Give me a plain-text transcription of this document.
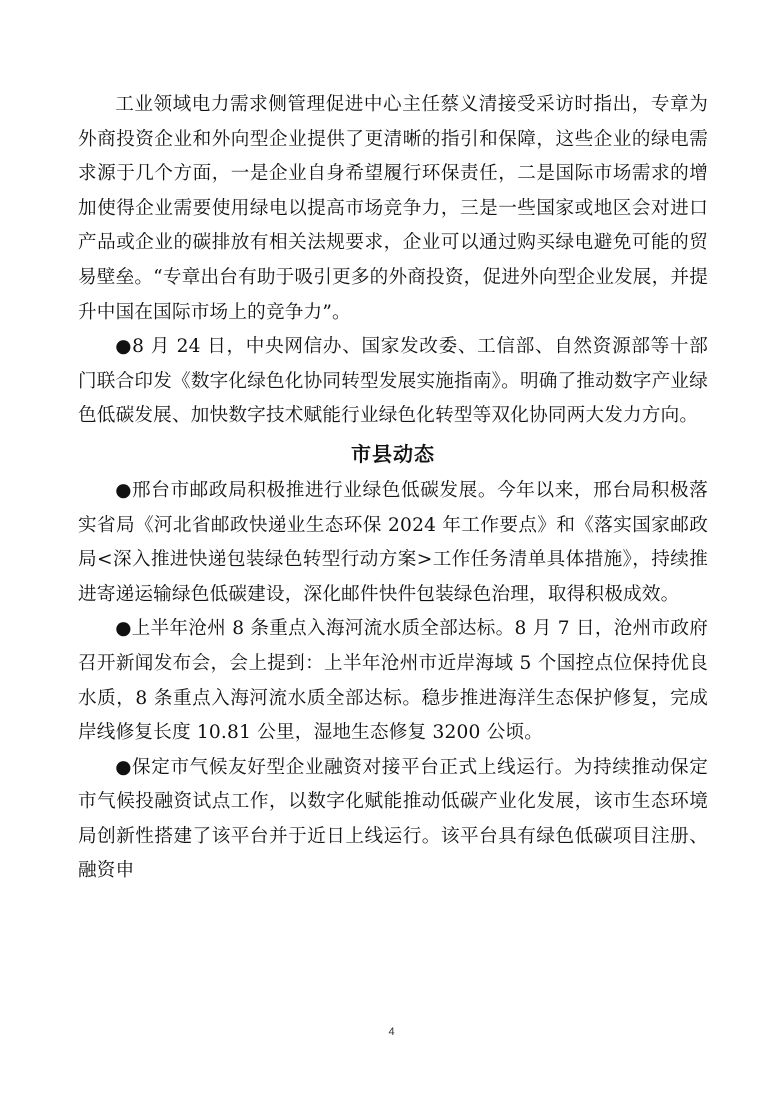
工业领域电力需求侧管理促进中心主任蔡义清接受采访时指出，专章为外商投资企业和外向型企业提供了更清晰的指引和保障，这些企业的绿电需求源于几个方面，一是企业自身希望履行环保责任，二是国际市场需求的增加使得企业需要使用绿电以提高市场竞争力，三是一些国家或地区会对进口产品或企业的碳排放有相关法规要求，企业可以通过购买绿电避免可能的贸易壁垒。“专章出台有助于吸引更多的外商投资，促进外向型企业发展，并提升中国在国际市场上的竞争力”。

●8 月 24 日，中央网信办、国家发改委、工信部、自然资源部等十部门联合印发《数字化绿色化协同转型发展实施指南》。明确了推动数字产业绿色低碳发展、加快数字技术赋能行业绿色化转型等双化协同两大发力方向。

市县动态

●邢台市邮政局积极推进行业绿色低碳发展。今年以来，邢台局积极落实省局《河北省邮政快递业生态环保 2024 年工作要点》和《落实国家邮政局<深入推进快递包装绿色转型行动方案>工作任务清单具体措施》，持续推进寄递运输绿色低碳建设，深化邮件快件包装绿色治理，取得积极成效。

●上半年沧州 8 条重点入海河流水质全部达标。8 月 7 日，沧州市政府召开新闻发布会，会上提到：上半年沧州市近岸海域 5 个国控点位保持优良水质，8 条重点入海河流水质全部达标。稳步推进海洋生态保护修复，完成岸线修复长度 10.81 公里，湿地生态修复 3200 公顷。

●保定市气候友好型企业融资对接平台正式上线运行。为持续推动保定市气候投融资试点工作，以数字化赋能推动低碳产业化发展，该市生态环境局创新性搭建了该平台并于近日上线运行。该平台具有绿色低碳项目注册、融资申

4
